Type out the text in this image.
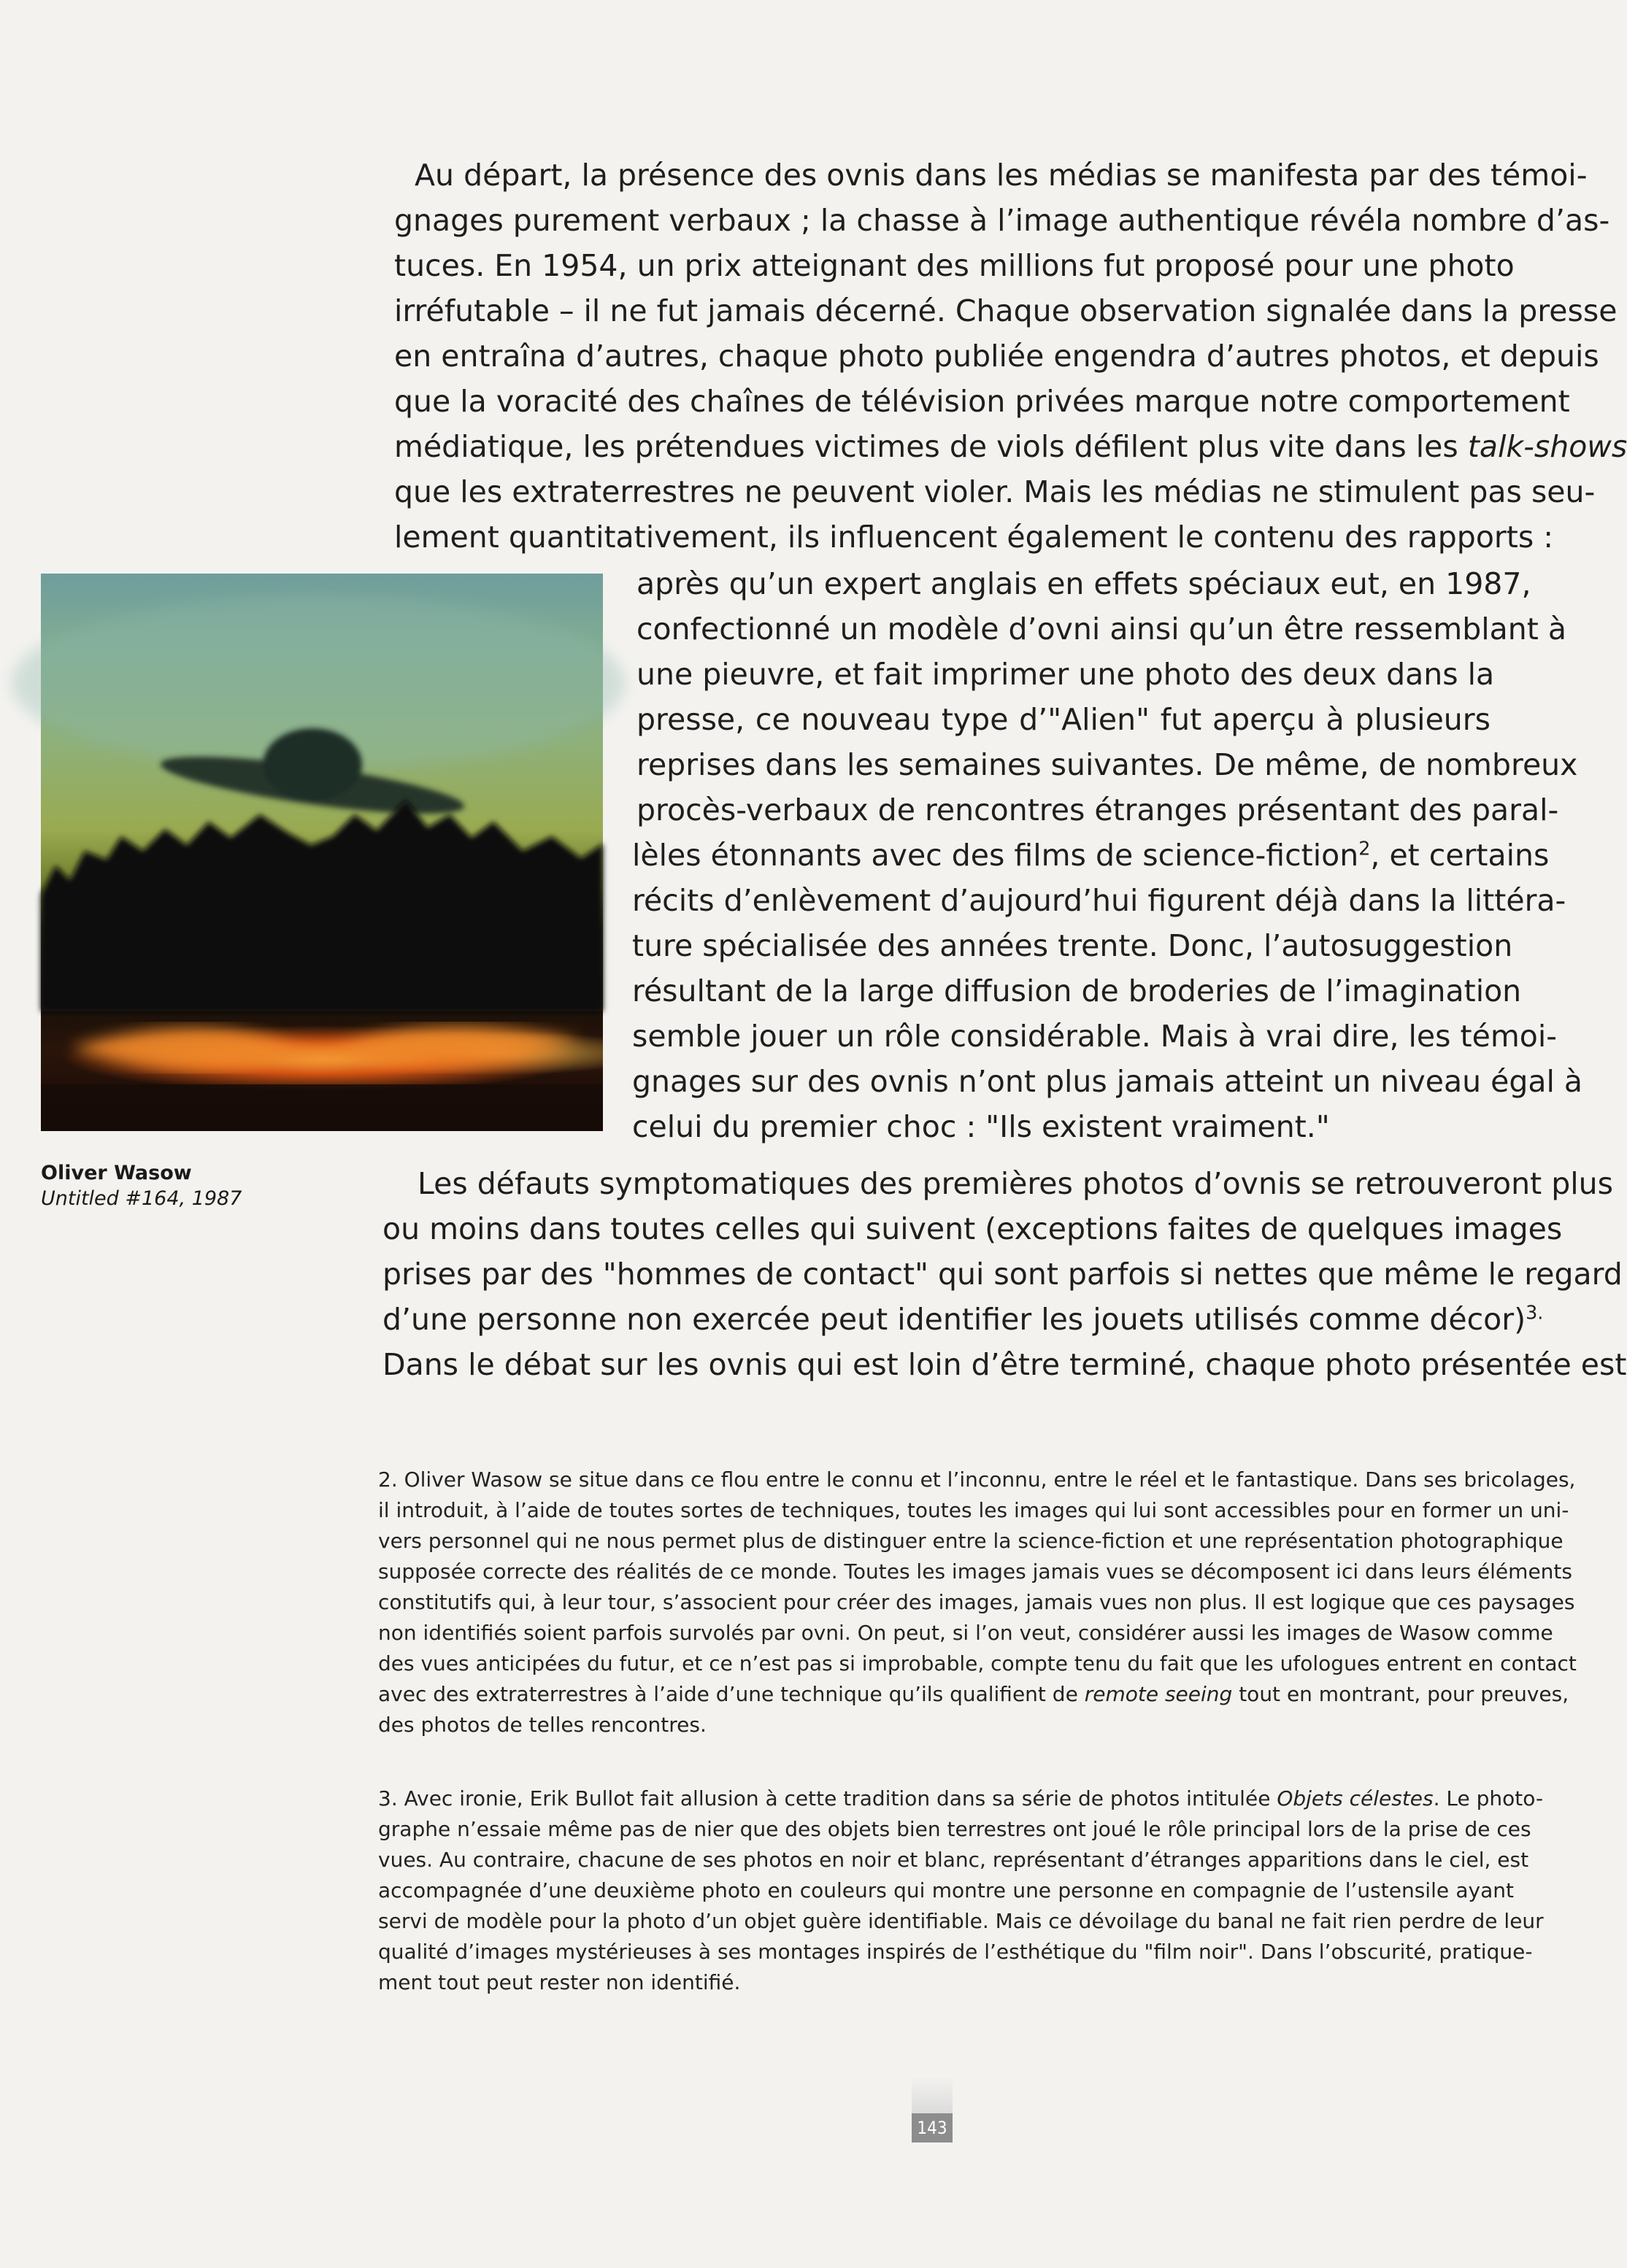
Au départ, la présence des ovnis dans les médias se manifesta par des témoi-
gnages purement verbaux ; la chasse à l’image authentique révéla nombre d’as-
tuces. En 1954, un prix atteignant des millions fut proposé pour une photo
irréfutable – il ne fut jamais décerné. Chaque observation signalée dans la presse
en entraîna d’autres, chaque photo publiée engendra d’autres photos, et depuis
que la voracité des chaînes de télévision privées marque notre comportement
médiatique, les prétendues victimes de viols défilent plus vite dans les talk-shows
que les extraterrestres ne peuvent violer. Mais les médias ne stimulent pas seu-
lement quantitativement, ils influencent également le contenu des rapports :
après qu’un expert anglais en effets spéciaux eut, en 1987,
confectionné un modèle d’ovni ainsi qu’un être ressemblant à
une pieuvre, et fait imprimer une photo des deux dans la
presse, ce nouveau type d’"Alien" fut aperçu à plusieurs
reprises dans les semaines suivantes. De même, de nombreux
procès-verbaux de rencontres étranges présentant des paral-
lèles étonnants avec des films de science-fiction$^2$, et certains
récits d’enlèvement d’aujourd’hui figurent déjà dans la littéra-
ture spécialisée des années trente. Donc, l’autosuggestion
résultant de la large diffusion de broderies de l’imagination
semble jouer un rôle considérable. Mais à vrai dire, les témoi-
gnages sur des ovnis n’ont plus jamais atteint un niveau égal à
celui du premier choc : "Ils existent vraiment."
Les défauts symptomatiques des premières photos d’ovnis se retrouveront plus
ou moins dans toutes celles qui suivent (exceptions faites de quelques images
prises par des "hommes de contact" qui sont parfois si nettes que même le regard
d’une personne non exercée peut identifier les jouets utilisés comme décor)$^{3.}$
Dans le débat sur les ovnis qui est loin d’être terminé, chaque photo présentée est
Oliver Wasow
Untitled #164, 1987
2. Oliver Wasow se situe dans ce flou entre le connu et l’inconnu, entre le réel et le fantastique. Dans ses bricolages,
il introduit, à l’aide de toutes sortes de techniques, toutes les images qui lui sont accessibles pour en former un uni-
vers personnel qui ne nous permet plus de distinguer entre la science-fiction et une représentation photographique
supposée correcte des réalités de ce monde. Toutes les images jamais vues se décomposent ici dans leurs éléments
constitutifs qui, à leur tour, s’associent pour créer des images, jamais vues non plus. Il est logique que ces paysages
non identifiés soient parfois survolés par ovni. On peut, si l’on veut, considérer aussi les images de Wasow comme
des vues anticipées du futur, et ce n’est pas si improbable, compte tenu du fait que les ufologues entrent en contact
avec des extraterrestres à l’aide d’une technique qu’ils qualifient de remote seeing tout en montrant, pour preuves,
des photos de telles rencontres.
3. Avec ironie, Erik Bullot fait allusion à cette tradition dans sa série de photos intitulée Objets célestes. Le photo-
graphe n’essaie même pas de nier que des objets bien terrestres ont joué le rôle principal lors de la prise de ces
vues. Au contraire, chacune de ses photos en noir et blanc, représentant d’étranges apparitions dans le ciel, est
accompagnée d’une deuxième photo en couleurs qui montre une personne en compagnie de l’ustensile ayant
servi de modèle pour la photo d’un objet guère identifiable. Mais ce dévoilage du banal ne fait rien perdre de leur
qualité d’images mystérieuses à ses montages inspirés de l’esthétique du "film noir". Dans l’obscurité, pratique-
ment tout peut rester non identifié.
143
